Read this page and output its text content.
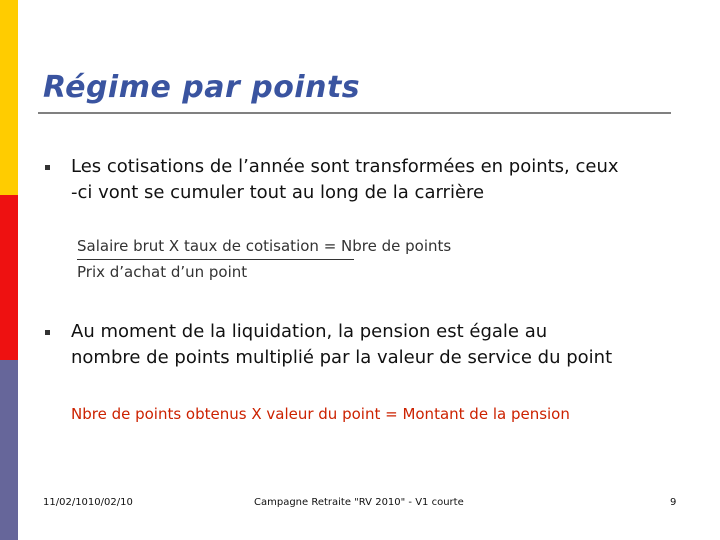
Régime par points
Les cotisations de l’année sont transformées en points, ceux
-ci vont se cumuler tout au long de la carrière
Salaire brut X taux de cotisation = Nbre de points
Prix d’achat d’un point
Au moment de la liquidation, la pension est égale au
nombre de points multiplié par la valeur de service du point
Nbre de points obtenus X valeur du point = Montant de la pension
11/02/1010/02/10	Campagne Retraite "RV 2010" - V1 courte	9
